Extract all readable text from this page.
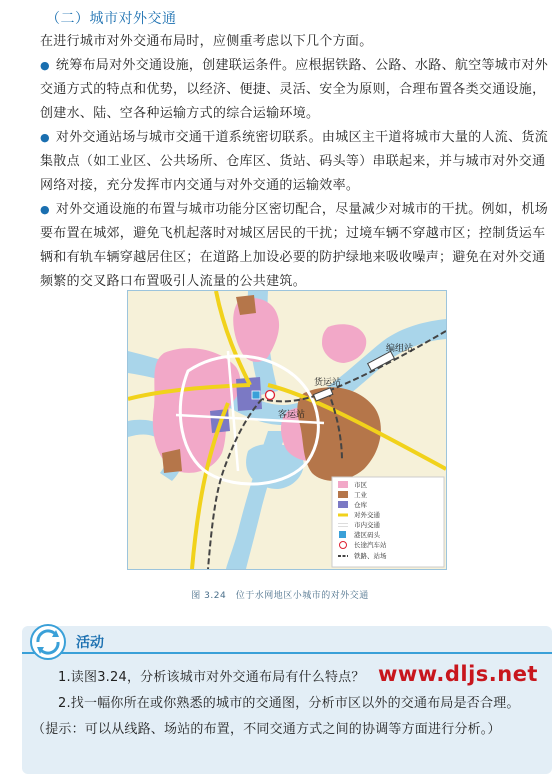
（二）城市对外交通
在进行城市对外交通布局时，应侧重考虑以下几个方面。
● 统筹布局对外交通设施，创建联运条件。应根据铁路、公路、水路、航空等城市对外交通方式的特点和优势，以经济、便捷、灵活、安全为原则，合理布置各类交通设施，创建水、陆、空各种运输方式的综合运输环境。
● 对外交通站场与城市交通干道系统密切联系。由城区主干道将城市大量的人流、货流集散点（如工业区、公共场所、仓库区、货站、码头等）串联起来，并与城市对外交通网络对接，充分发挥市内交通与对外交通的运输效率。
● 对外交通设施的布置与城市功能分区密切配合，尽量减少对城市的干扰。例如，机场要布置在城郊，避免飞机起落时对城区居民的干扰；过境车辆不穿越市区；控制货运车辆和有轨车辆穿越居住区；在道路上加设必要的防护绿地来吸收噪声；避免在对外交通频繁的交叉路口布置吸引人流量的公共建筑。
编组站
货运站
客运站
市区
工业
仓库
对外交通
市内交通
港区码头
长途汽车站
铁路、站场
图 3.24　位于水网地区小城市的对外交通
活动
1.读图3.24，分析该城市对外交通布局有什么特点？
2.找一幅你所在或你熟悉的城市的交通图，分析市区以外的交通布局是否合理。
（提示：可以从线路、场站的布置，不同交通方式之间的协调等方面进行分析。）
www.dljs.net
